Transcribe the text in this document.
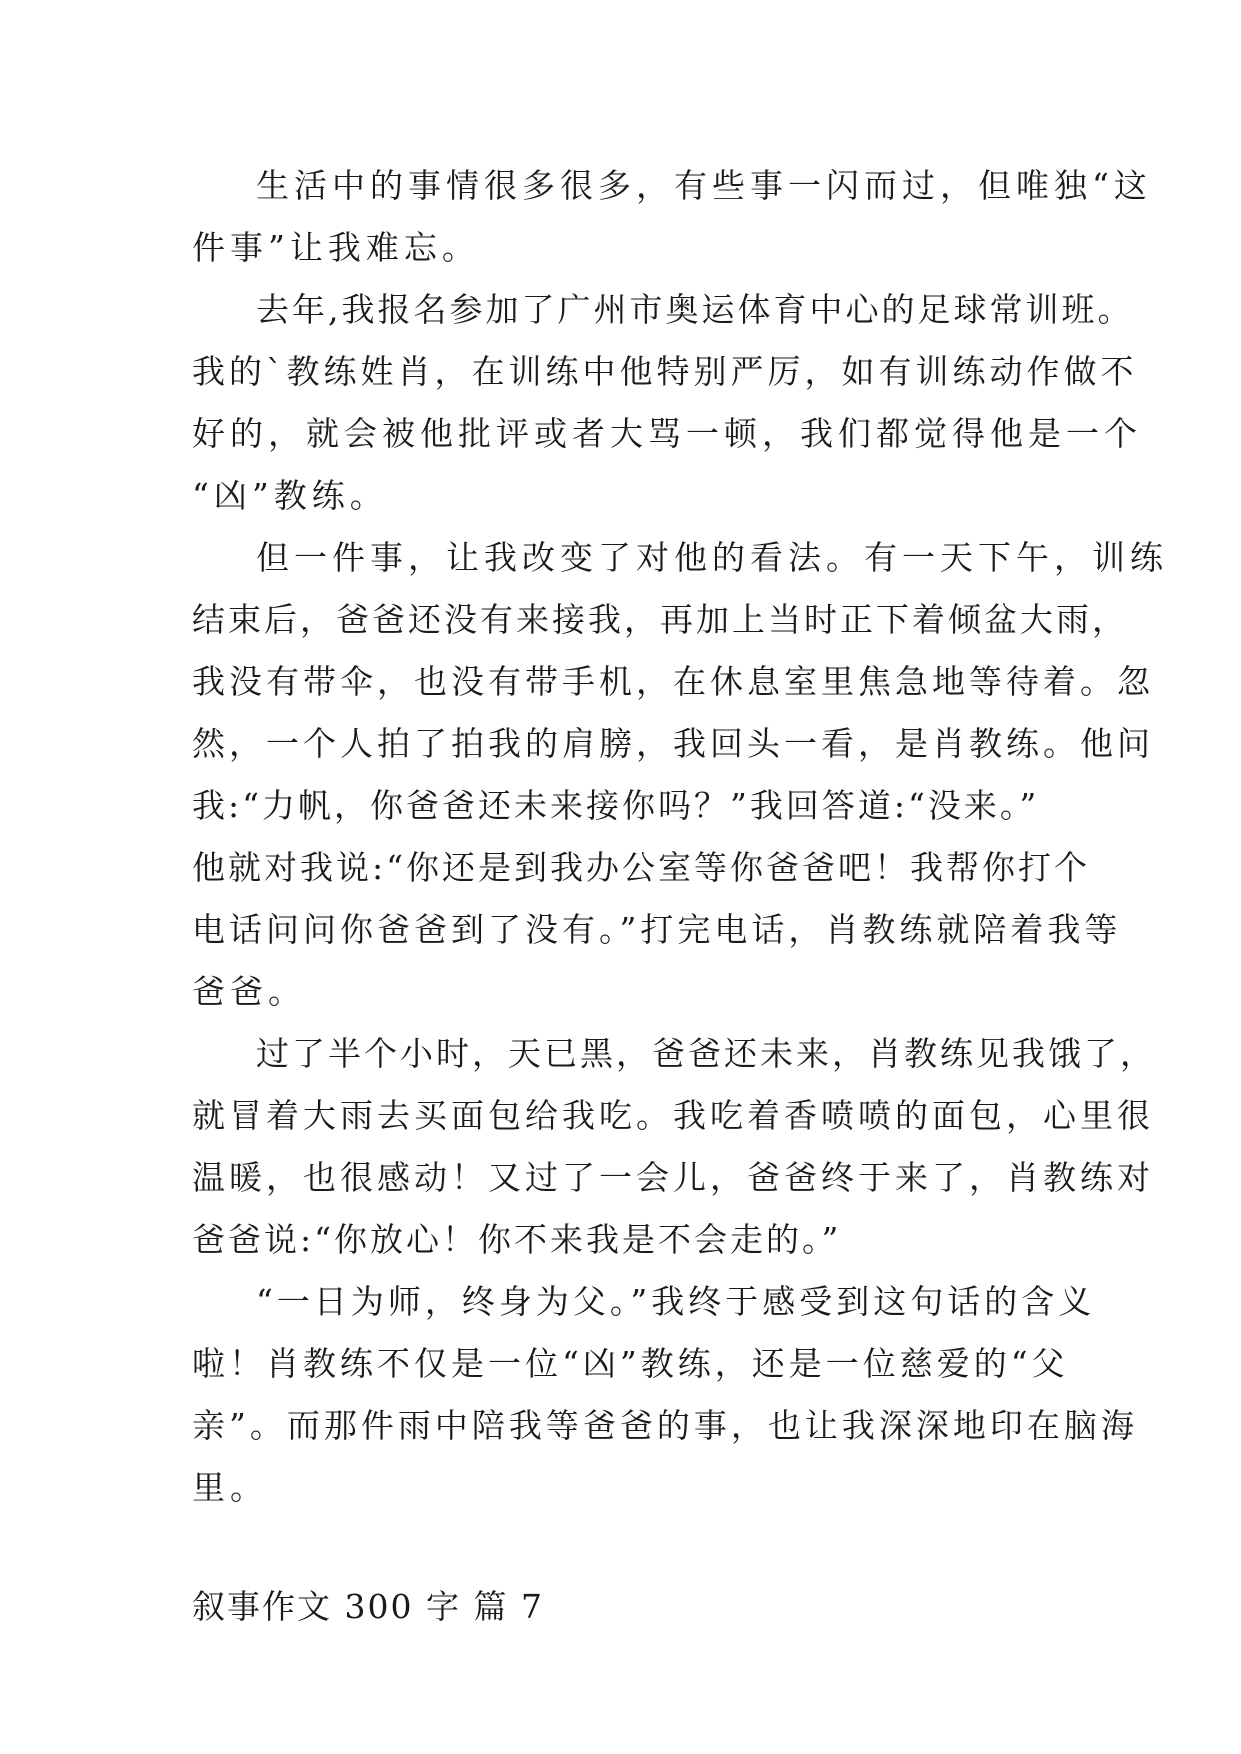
生活中的事情很多很多，有些事一闪而过，但唯独“这
件事”让我难忘。
去年,我报名参加了广州市奥运体育中心的足球常训班。
我的`教练姓肖，在训练中他特别严厉，如有训练动作做不
好的，就会被他批评或者大骂一顿，我们都觉得他是一个
“凶”教练。
但一件事，让我改变了对他的看法。有一天下午，训练
结束后，爸爸还没有来接我，再加上当时正下着倾盆大雨，
我没有带伞，也没有带手机，在休息室里焦急地等待着。忽
然，一个人拍了拍我的肩膀，我回头一看，是肖教练。他问
我:“力帆，你爸爸还未来接你吗？”我回答道:“没来。”
他就对我说:“你还是到我办公室等你爸爸吧！我帮你打个
电话问问你爸爸到了没有。”打完电话，肖教练就陪着我等
爸爸。
过了半个小时，天已黑，爸爸还未来，肖教练见我饿了，
就冒着大雨去买面包给我吃。我吃着香喷喷的面包，心里很
温暖，也很感动！又过了一会儿，爸爸终于来了，肖教练对
爸爸说:“你放心！你不来我是不会走的。”
“一日为师，终身为父。”我终于感受到这句话的含义
啦！肖教练不仅是一位“凶”教练，还是一位慈爱的“父
亲”。而那件雨中陪我等爸爸的事，也让我深深地印在脑海
里。
叙事作文 300 字 篇 7
